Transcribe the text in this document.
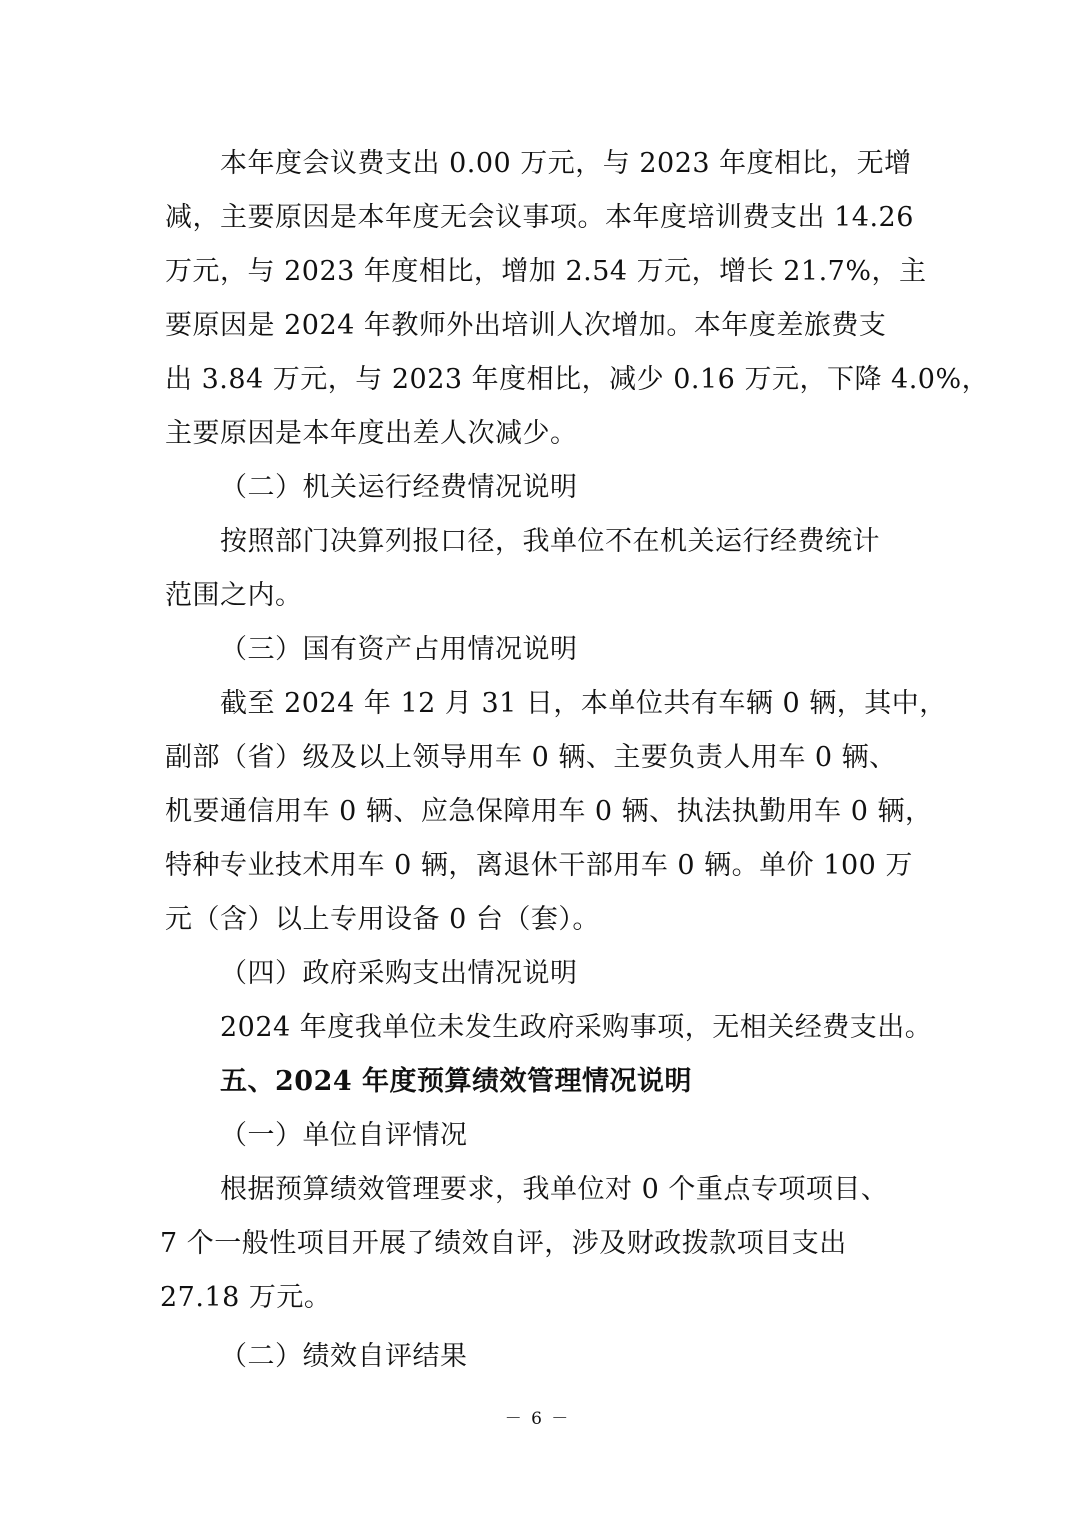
本年度会议费支出 0.00 万元，与 2023 年度相比，无增
减，主要原因是本年度无会议事项。本年度培训费支出 14.26
万元，与 2023 年度相比，增加 2.54 万元，增长 21.7%，主
要原因是 2024 年教师外出培训人次增加。本年度差旅费支
出 3.84 万元，与 2023 年度相比，减少 0.16 万元，下降 4.0%，
主要原因是本年度出差人次减少。
（二）机关运行经费情况说明
按照部门决算列报口径，我单位不在机关运行经费统计
范围之内。
（三）国有资产占用情况说明
截至 2024 年 12 月 31 日，本单位共有车辆 0 辆，其中，
副部（省）级及以上领导用车 0 辆、主要负责人用车 0 辆、
机要通信用车 0 辆、应急保障用车 0 辆、执法执勤用车 0 辆，
特种专业技术用车 0 辆，离退休干部用车 0 辆。单价 100 万
元（含）以上专用设备 0 台（套）。
（四）政府采购支出情况说明
2024 年度我单位未发生政府采购事项，无相关经费支出。
五、2024 年度预算绩效管理情况说明
（一）单位自评情况
根据预算绩效管理要求，我单位对 0 个重点专项项目、
7 个一般性项目开展了绩效自评，涉及财政拨款项目支出
27.18 万元。
（二）绩效自评结果
－ 6 －
